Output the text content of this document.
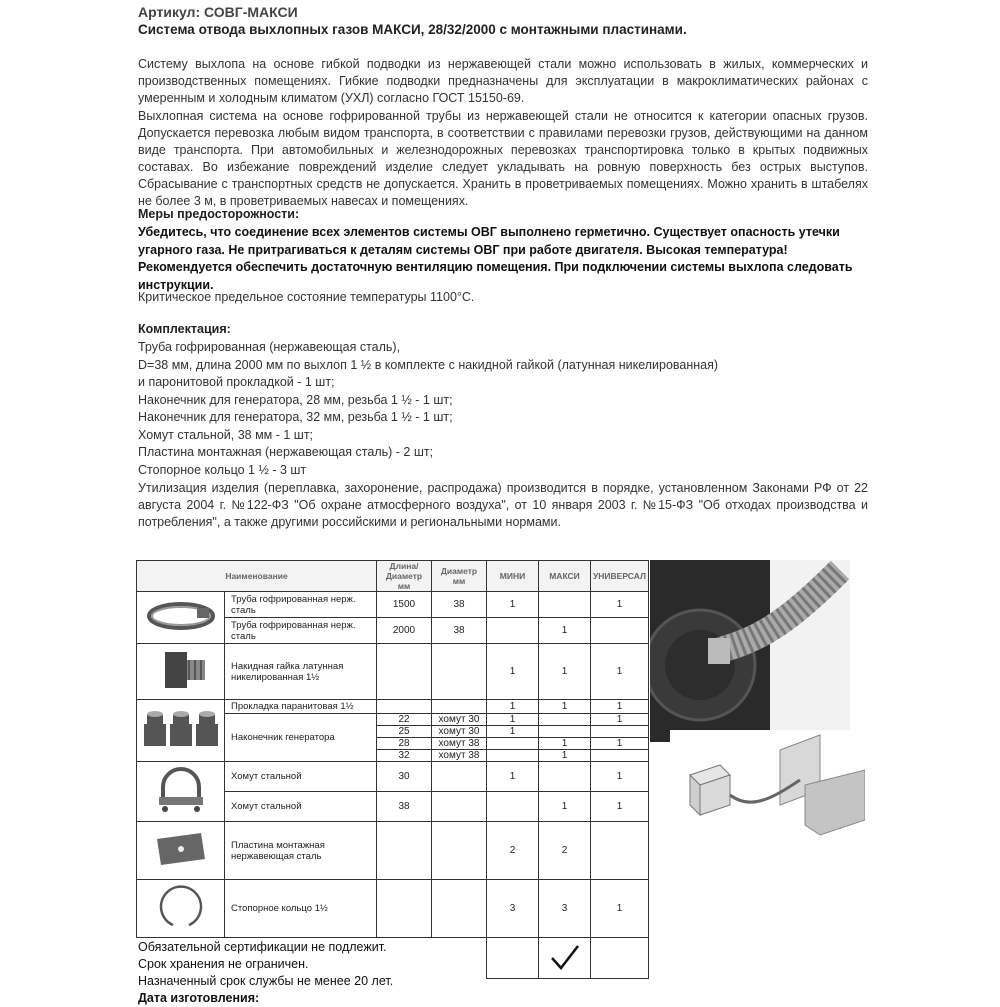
Артикул: СОВГ-МАКСИ
Система отвода выхлопных газов МАКСИ, 28/32/2000 с монтажными пластинами.

Систему выхлопа на основе гибкой подводки из нержавеющей стали можно использовать в жилых, коммерческих и производственных помещениях. Гибкие подводки предназначены для эксплуатации в макроклиматических районах с умеренным и холодным климатом (УХЛ) согласно ГОСТ 15150-69.

Выхлопная система на основе гофрированной трубы из нержавеющей стали не относится к категории опасных грузов. Допускается перевозка любым видом транспорта, в соответствии с правилами перевозки грузов, действующими на данном виде транспорта. При автомобильных и железнодорожных перевозках транспортировка только в крытых подвижных составах. Во избежание повреждений изделие следует укладывать на ровную поверхность без острых выступов. Сбрасывание с транспортных средств не допускается. Хранить в проветриваемых помещениях. Можно хранить в штабелях не более 3 м, в проветриваемых навесах и помещениях.

Меры предосторожности:
Убедитесь, что соединение всех элементов системы ОВГ выполнено герметично. Существует опасность утечки угарного газа. Не притрагиваться к деталям системы ОВГ при работе двигателя. Высокая температура! Рекомендуется обеспечить достаточную вентиляцию помещения. При подключении системы выхлопа следовать инструкции.
Критическое предельное состояние температуры 1100°С.
Комплектация:
Труба гофрированная (нержавеющая сталь),
D=38 мм, длина 2000 мм по выхлоп 1 ½ в комплекте с накидной гайкой (латунная никелированная)
и паронитовой прокладкой - 1 шт;
Наконечник для генератора, 28 мм, резьба 1 ½ - 1 шт;
Наконечник для генератора, 32 мм, резьба 1 ½ - 1 шт;
Хомут стальной, 38 мм - 1 шт;
Пластина монтажная (нержавеющая сталь) - 2 шт;
Стопорное кольцо 1 ½ - 3 шт
Утилизация изделия (переплавка, захоронение, распродажа) производится в порядке, установленном Законами РФ от 22 августа 2004 г. №122-ФЗ "Об охране атмосферного воздуха", от 10 января 2003 г. №15-ФЗ "Об отходах производства и потребления", а также другими российскими и региональными нормами.
Наименование		Длина/Диаметр мм	Диаметр мм	МИНИ	МАКСИ	УНИВЕРСАЛ
	Труба гофрированная нерж. сталь	1500	38	1		1
	Труба гофрированная нерж. сталь	2000	38		1	
	Накидная гайка латунная никелированная 1½			1	1	1
	Прокладка паранитовая 1½			1	1	1
	Наконечник генератора	22	хомут 30	1		1
		25	хомут 30	1		
		28	хомут 38		1	1
		32	хомут 38		1	
	Хомут стальной	30		1		1
	Хомут стальной	38			1	1
	Пластина монтажная нержавеющая сталь			2	2	
	Стопорное кольцо 1½			3	3	1

Обязательной сертификации не подлежит.
Срок хранения не ограничен.
Назначенный срок службы не менее 20 лет.
Дата изготовления:
